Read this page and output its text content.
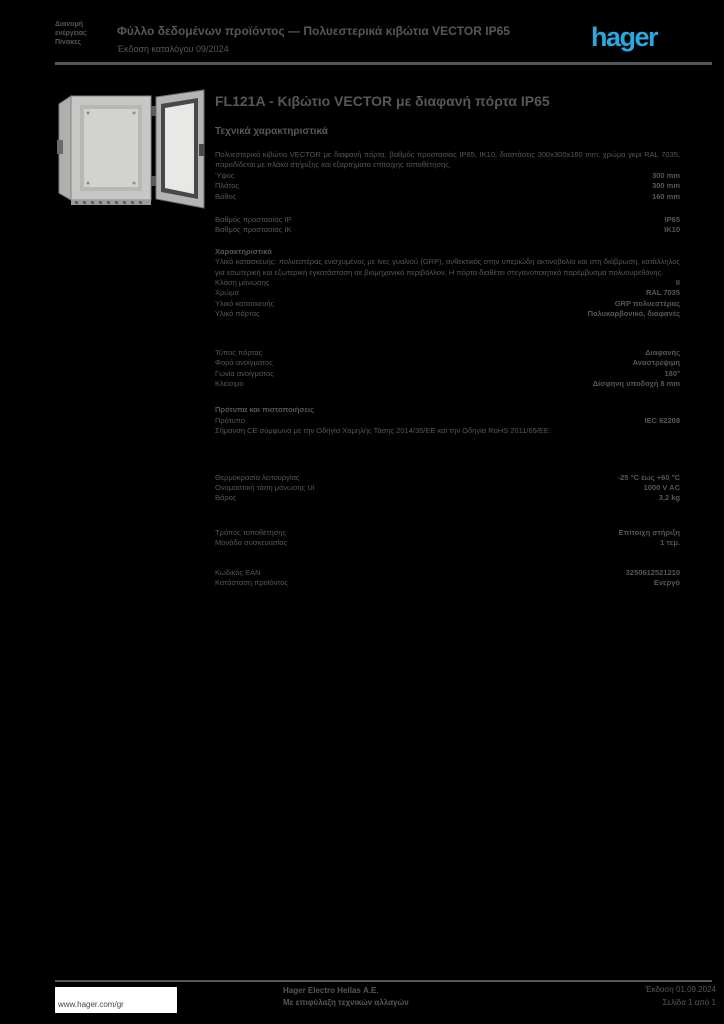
Διανομή
ενέργειας
Πίνακες
Φύλλο δεδομένων προϊόντος — Πολυεστερικά κιβώτια VECTOR IP65
Έκδοση καταλόγου 09/2024	hager
FL121A - Κιβώτιο VECTOR με διαφανή πόρτα IP65
Τεχνικά χαρακτηριστικά
Πολυεστερικό κιβώτιο VECTOR με διαφανή πόρτα, βαθμός προστασίας IP65, IK10, διαστάσεις 300x300x160 mm, χρώμα γκρι RAL 7035, παραδίδεται με πλάκα στήριξης και εξαρτήματα επίτοιχης τοποθέτησης.
Ύψος	300 mm
Πλάτος	300 mm
Βάθος	160 mm
Βαθμός προστασίας IP	IP65
Βαθμός προστασίας IK	IK10
Χαρακτηριστικά
Υλικό κατασκευής: πολυεστέρας ενισχυμένος με ίνες γυαλιού (GRP), ανθεκτικός στην υπεριώδη ακτινοβολία και στη διάβρωση, κατάλληλος για εσωτερική και εξωτερική εγκατάσταση σε βιομηχανικό περιβάλλον. Η πόρτα διαθέτει στεγανοποιητικό παρέμβυσμα πολυουρεθάνης.
Κλάση μόνωσης	II
Χρώμα	RAL 7035
Υλικό κατασκευής	GRP πολυεστέρας
Υλικό πόρτας	Πολυκαρβονικό, διαφανές
Τύπος πόρτας	Διαφανής
Φορά ανοίγματος	Αναστρέψιμη
Γωνία ανοίγματος	180°
Κλείσιμο	Δίσφηνη υποδοχή 8 mm
Πρότυπα και πιστοποιήσεις
Πρότυπο	IEC 62208
Σήμανση CE σύμφωνα με την Οδηγία Χαμηλής Τάσης 2014/35/ΕΕ και την Οδηγία RoHS 2011/65/ΕΕ.
Θερμοκρασία λειτουργίας	-25 °C έως +60 °C
Ονομαστική τάση μόνωσης Ui	1000 V AC
Βάρος	3,2 kg
Τρόπος τοποθέτησης	Επίτοιχη στήριξη
Μονάδα συσκευασίας	1 τεμ.
Κωδικός EAN	3250612521210
Κατάσταση προϊόντος	Ενεργό
www.hager.com/gr
Hager Electro Hellas Α.Ε.
Με επιφύλαξη τεχνικών αλλαγών
Έκδοση 01.09.2024
Σελίδα 1 από 1
